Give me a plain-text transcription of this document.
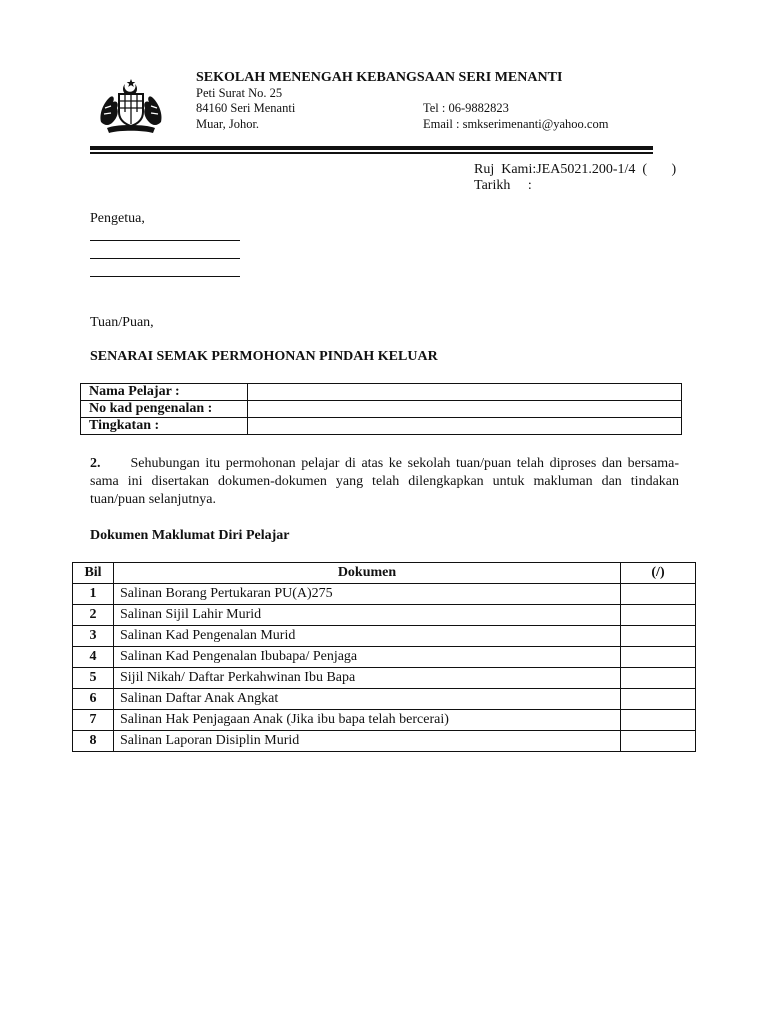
SEKOLAH MENENGAH KEBANGSAAN SERI MENANTI
Peti Surat No. 25
84160 Seri Menanti
Muar, Johor.
Tel : 06-9882823
Email : smkserimenanti@yahoo.com
Ruj  Kami:JEA5021.200-1/4  (       )
Tarikh     :
Pengetua,
Tuan/Puan,
SENARAI SEMAK PERMOHONAN PINDAH KELUAR
Nama Pelajar :	
No kad pengenalan :	
Tingkatan :	
2. Sehubungan itu permohonan pelajar di atas ke sekolah tuan/puan telah diproses dan bersama-sama ini disertakan dokumen-dokumen yang telah dilengkapkan untuk makluman dan tindakan tuan/puan selanjutnya.
Dokumen Maklumat Diri Pelajar
Bil	Dokumen	(/)
1	Salinan Borang Pertukaran PU(A)275	
2	Salinan Sijil Lahir Murid	
3	Salinan Kad Pengenalan Murid	
4	Salinan Kad Pengenalan Ibubapa/ Penjaga	
5	Sijil Nikah/ Daftar Perkahwinan Ibu Bapa	
6	Salinan Daftar Anak Angkat	
7	Salinan Hak Penjagaan Anak (Jika ibu bapa telah bercerai)	
8	Salinan Laporan Disiplin Murid	
